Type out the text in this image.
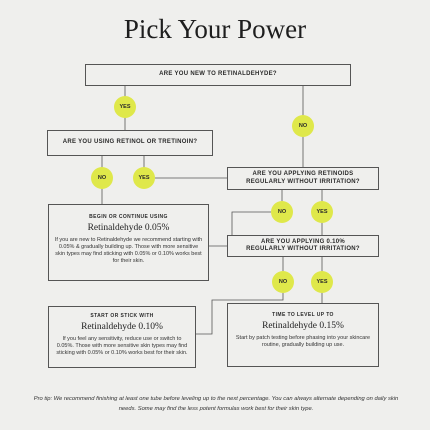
Pick Your Power
ARE YOU NEW TO RETINALDEHYDE?
ARE YOU USING RETINOL OR TRETINOIN?
ARE YOU APPLYING RETINOIDS REGULARLY WITHOUT IRRITATION?
ARE YOU APPLYING 0.10% REGULARLY WITHOUT IRRITATION?
BEGIN OR CONTINUE USING
Retinaldehyde 0.05%
If you are new to Retinaldehyde we recommend starting with 0.05% & gradually building up. Those with more sensitive skin types may find sticking with 0.05% or 0.10% works best for their skin.
START OR STICK WITH
Retinaldehyde 0.10%
If you feel any sensitivity, reduce use or switch to 0.05%. Those with more sensitive skin types may find sticking with 0.05% or 0.10% works best for their skin.
TIME TO LEVEL UP TO
Retinaldehyde 0.15%
Start by patch testing before phasing into your skincare routine, gradually building up use.
YES
NO
NO	YES
NO	YES
NO	YES
Pro tip: We recommend finishing at least one tube before leveling up to the next percentage. You can always alternate depending on daily skin needs. Some may find the less potent formulas work best for their skin type.
